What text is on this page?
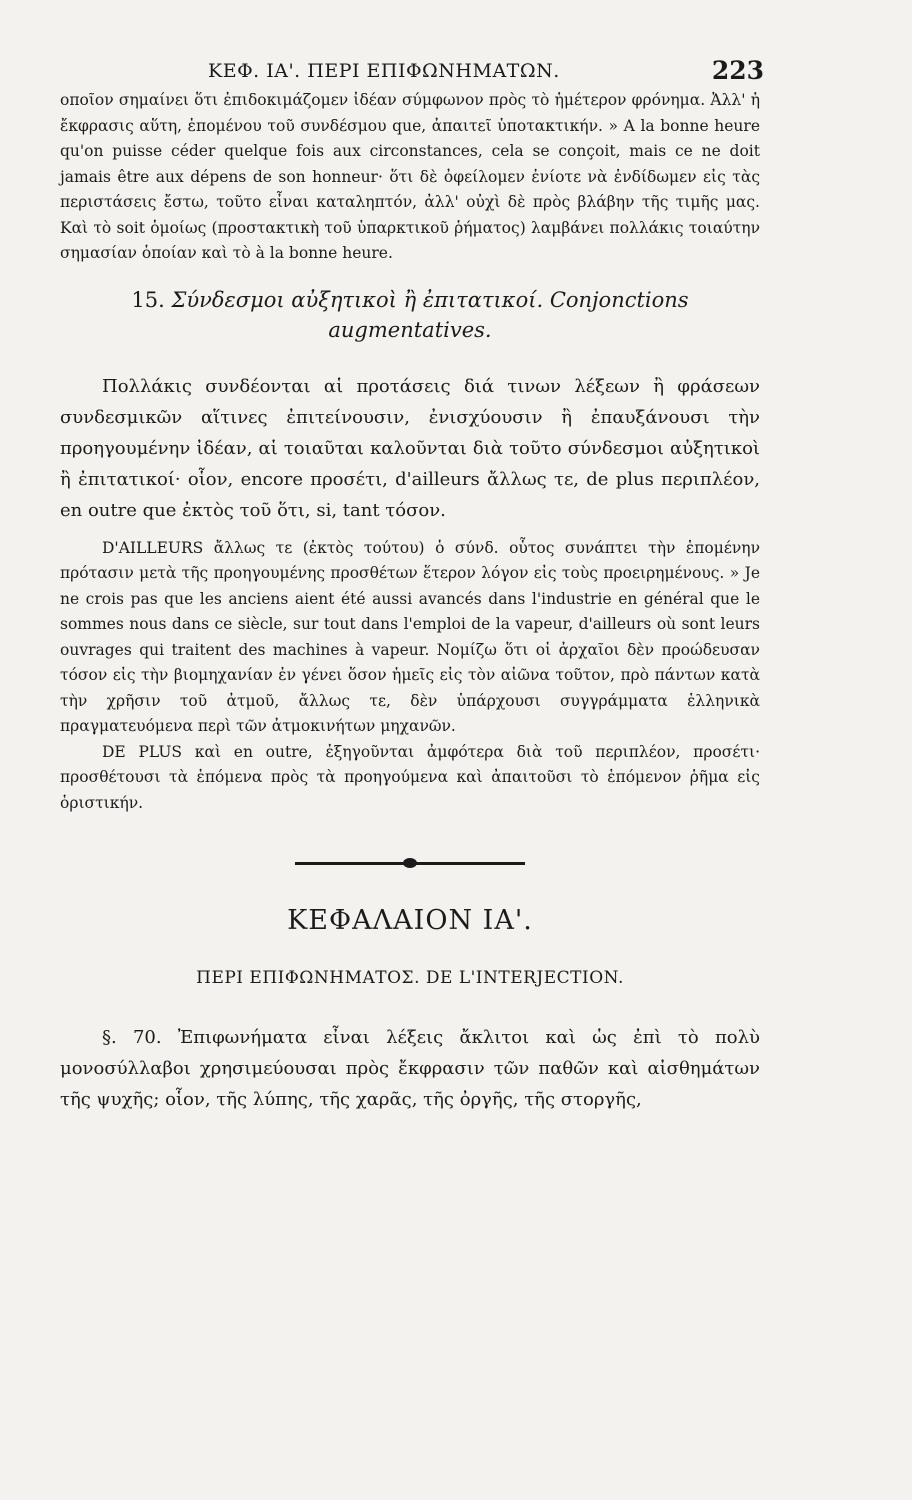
ΚΕΦ. ΙΑ'. ΠΕΡΙ ΕΠΙΦΩΝΗΜΑΤΩΝ.	223

οποῖον σημαίνει ὅτι ἐπιδοκιμάζομεν ἰδέαν σύμφωνον πρὸς τὸ ἡμέτερον φρόνημα. Ἀλλ' ἡ ἔκφρασις αὕτη, ἑπομένου τοῦ συνδέσμου que, ἀπαιτεῖ ὑποτακτικήν. » A la bonne heure qu'on puisse céder quelque fois aux circonstances, cela se conçoit, mais ce ne doit jamais être aux dépens de son honneur· ὅτι δὲ ὀφείλομεν ἐνίοτε νὰ ἐνδίδωμεν εἰς τὰς περιστάσεις ἔστω, τοῦτο εἶναι καταληπτόν, ἀλλ' οὐχὶ δὲ πρὸς βλάβην τῆς τιμῆς μας. Καὶ τὸ soit ὁμοίως (προστακτικὴ τοῦ ὑπαρκτικοῦ ῥήματος) λαμβάνει πολλάκις τοιαύτην σημασίαν ὁποίαν καὶ τὸ à la bonne heure.

15. Σύνδεσμοι αὐξητικοὶ ἢ ἐπιτατικοί. Conjonctions augmentatives.

Πολλάκις συνδέονται αἱ προτάσεις διά τινων λέξεων ἢ φράσεων συνδεσμικῶν αἵτινες ἐπιτείνουσιν, ἐνισχύουσιν ἢ ἐπαυξάνουσι τὴν προηγουμένην ἰδέαν, αἱ τοιαῦται καλοῦνται διὰ τοῦτο σύνδεσμοι αὐξητικοὶ ἢ ἐπιτατικοί· οἷον, encore προσέτι, d'ailleurs ἄλλως τε, de plus περιπλέον, en outre que ἐκτὸς τοῦ ὅτι, si, tant τόσον.

D'AILLEURS ἄλλως τε (ἐκτὸς τούτου) ὁ σύνδ. οὗτος συνάπτει τὴν ἑπομένην πρότασιν μετὰ τῆς προηγουμένης προσθέτων ἕτερον λόγον εἰς τοὺς προειρημένους. » Je ne crois pas que les anciens aient été aussi avancés dans l'industrie en général que le sommes nous dans ce siècle, sur tout dans l'emploi de la vapeur, d'ailleurs où sont leurs ouvrages qui traitent des machines à vapeur. Νομίζω ὅτι οἱ ἀρχαῖοι δὲν προώδευσαν τόσον εἰς τὴν βιομηχανίαν ἐν γένει ὅσον ἡμεῖς εἰς τὸν αἰῶνα τοῦτον, πρὸ πάντων κατὰ τὴν χρῆσιν τοῦ ἀτμοῦ, ἄλλως τε, δὲν ὑπάρχουσι συγγράμματα ἑλληνικὰ πραγματευόμενα περὶ τῶν ἀτμοκινήτων μηχανῶν.

DE PLUS καὶ en outre, ἐξηγοῦνται ἀμφότερα διὰ τοῦ περιπλέον, προσέτι· προσθέτουσι τὰ ἑπόμενα πρὸς τὰ προηγούμενα καὶ ἀπαιτοῦσι τὸ ἑπόμενον ῥῆμα εἰς ὁριστικήν.

ΚΕΦΑΛΑΙΟΝ ΙΑ'.
ΠΕΡΙ ΕΠΙΦΩΝΗΜΑΤΟΣ. DE L'INTERJECTION.

§. 70. Ἐπιφωνήματα εἶναι λέξεις ἄκλιτοι καὶ ὡς ἐπὶ τὸ πολὺ μονοσύλλαβοι χρησιμεύουσαι πρὸς ἔκφρασιν τῶν παθῶν καὶ αἰσθημάτων τῆς ψυχῆς; οἷον, τῆς λύπης, τῆς χαρᾶς, τῆς ὀργῆς, τῆς στοργῆς,
